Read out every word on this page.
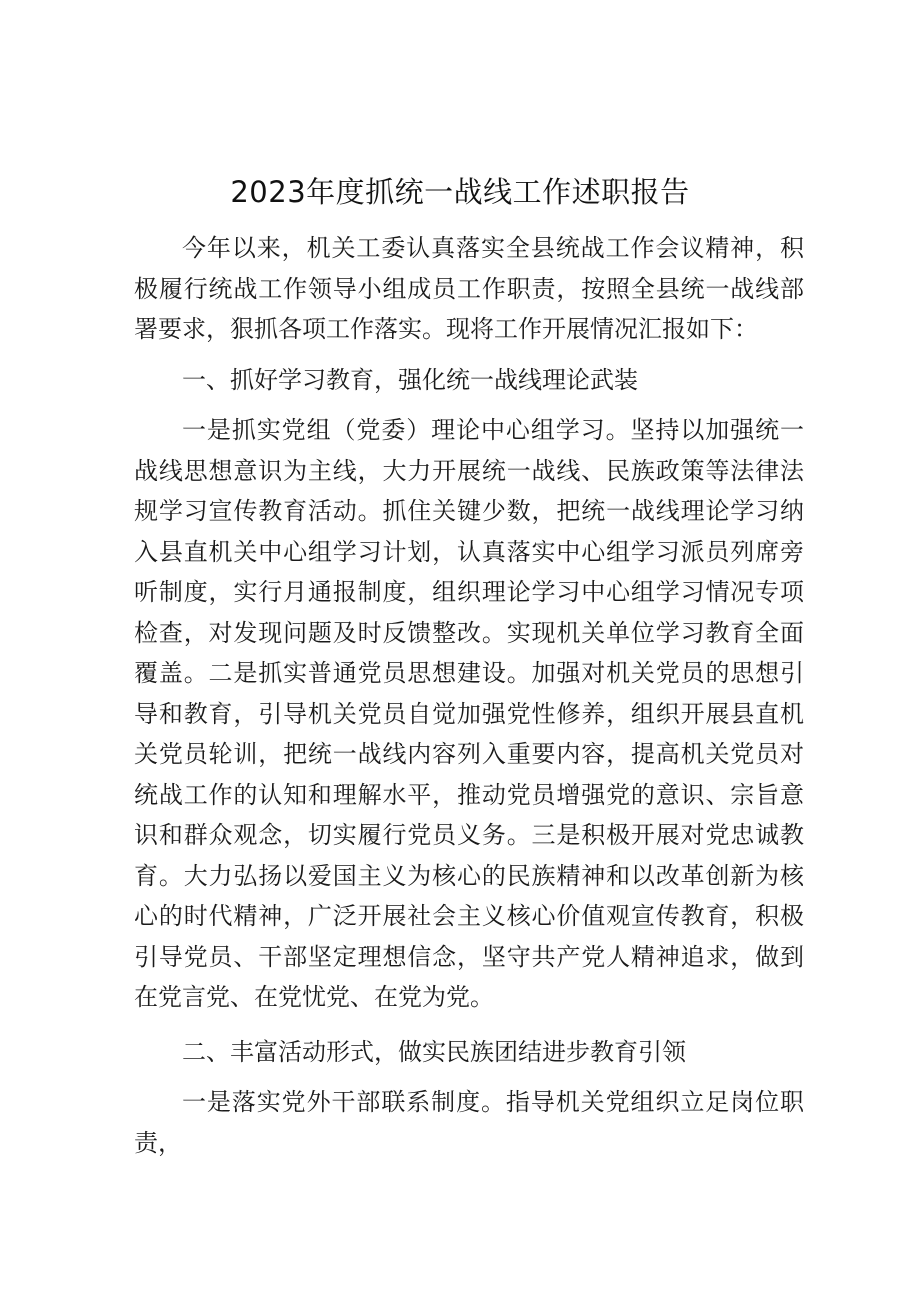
2023年度抓统一战线工作述职报告

今年以来，机关工委认真落实全县统战工作会议精神，积极履行统战工作领导小组成员工作职责，按照全县统一战线部署要求，狠抓各项工作落实。现将工作开展情况汇报如下：

一、抓好学习教育，强化统一战线理论武装

一是抓实党组（党委）理论中心组学习。坚持以加强统一战线思想意识为主线，大力开展统一战线、民族政策等法律法规学习宣传教育活动。抓住关键少数，把统一战线理论学习纳入县直机关中心组学习计划，认真落实中心组学习派员列席旁听制度，实行月通报制度，组织理论学习中心组学习情况专项检查，对发现问题及时反馈整改。实现机关单位学习教育全面覆盖。二是抓实普通党员思想建设。加强对机关党员的思想引导和教育，引导机关党员自觉加强党性修养，组织开展县直机关党员轮训，把统一战线内容列入重要内容，提高机关党员对统战工作的认知和理解水平，推动党员增强党的意识、宗旨意识和群众观念，切实履行党员义务。三是积极开展对党忠诚教育。大力弘扬以爱国主义为核心的民族精神和以改革创新为核心的时代精神，广泛开展社会主义核心价值观宣传教育，积极引导党员、干部坚定理想信念，坚守共产党人精神追求，做到在党言党、在党忧党、在党为党。

二、丰富活动形式，做实民族团结进步教育引领

一是落实党外干部联系制度。指导机关党组织立足岗位职责，
